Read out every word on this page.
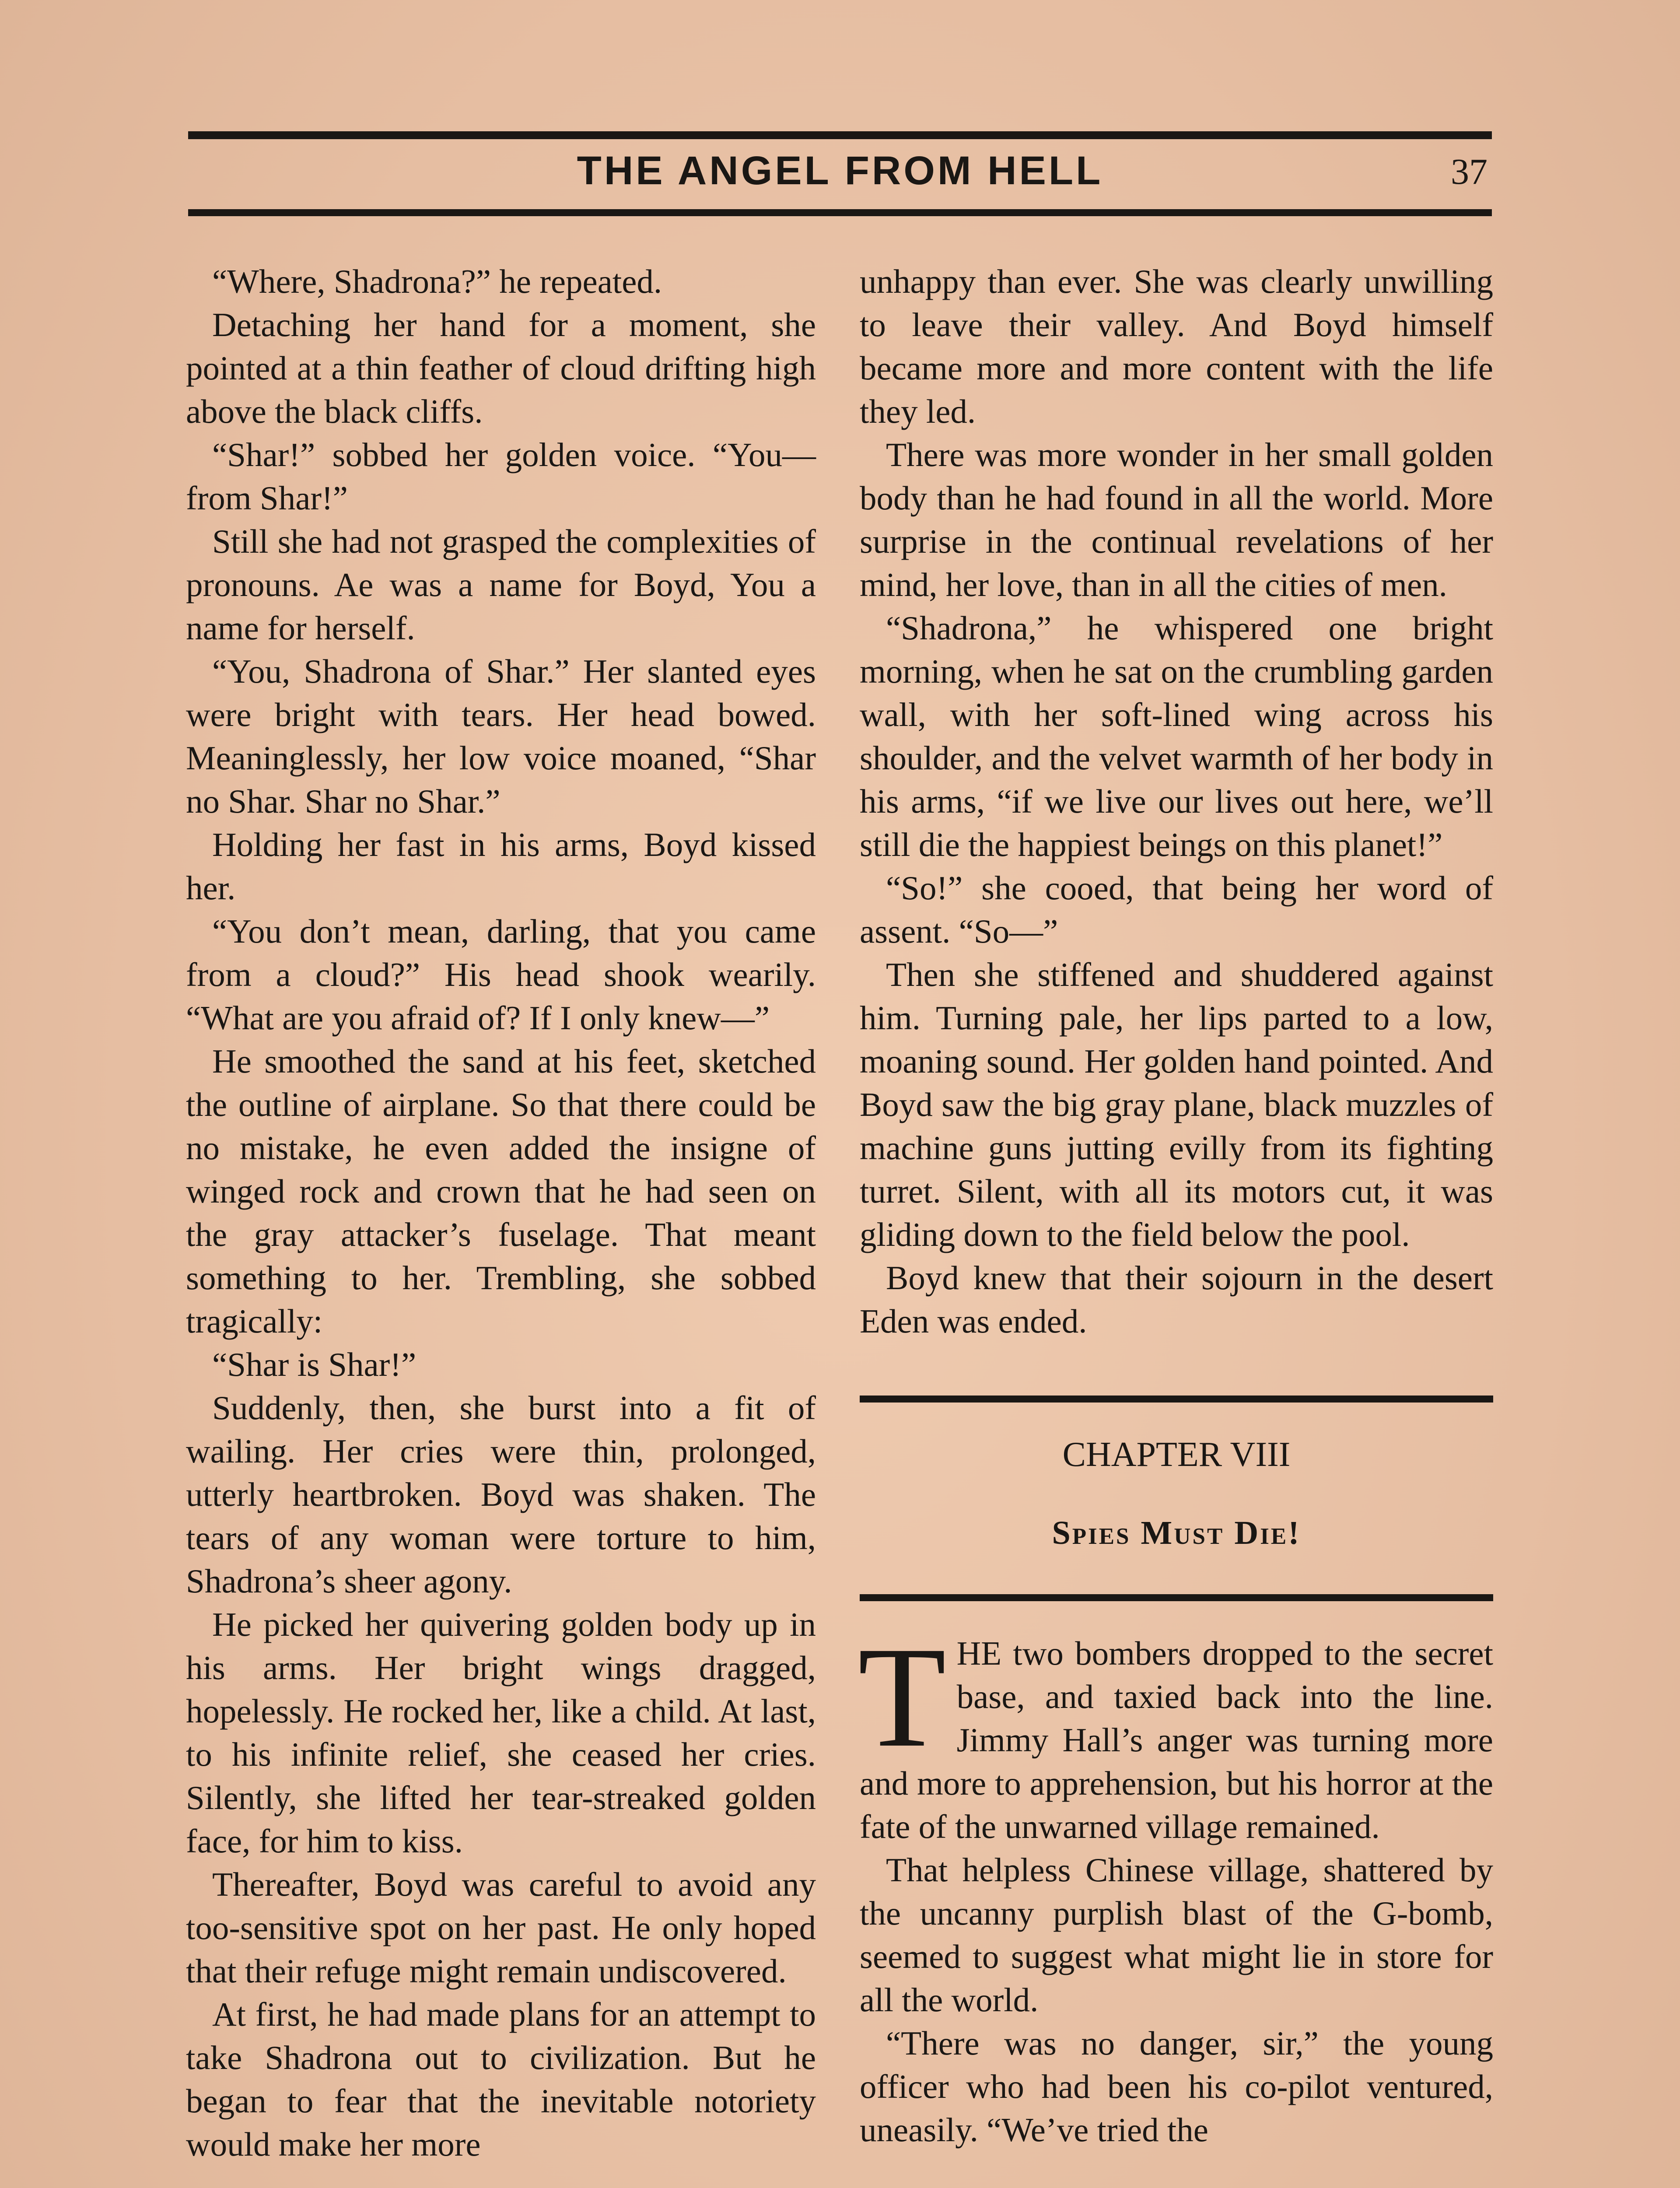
THE ANGEL FROM HELL	37

“Where, Shadrona?” he repeated.

Detaching her hand for a moment, she pointed at a thin feather of cloud drifting high above the black cliffs.

“Shar!” sobbed her golden voice. “You—from Shar!”

Still she had not grasped the complexities of pronouns. Ae was a name for Boyd, You a name for herself.

“You, Shadrona of Shar.” Her slanted eyes were bright with tears. Her head bowed. Meaninglessly, her low voice moaned, “Shar no Shar. Shar no Shar.”

Holding her fast in his arms, Boyd kissed her.

“You don’t mean, darling, that you came from a cloud?” His head shook wearily. “What are you afraid of? If I only knew—”

He smoothed the sand at his feet, sketched the outline of airplane. So that there could be no mistake, he even added the insigne of winged rock and crown that he had seen on the gray attacker’s fuselage. That meant something to her. Trembling, she sobbed tragically:

“Shar is Shar!”

Suddenly, then, she burst into a fit of wailing. Her cries were thin, prolonged, utterly heartbroken. Boyd was shaken. The tears of any woman were torture to him, Shadrona’s sheer agony.

He picked her quivering golden body up in his arms. Her bright wings dragged, hopelessly. He rocked her, like a child. At last, to his infinite relief, she ceased her cries. Silently, she lifted her tear-streaked golden face, for him to kiss.

Thereafter, Boyd was careful to avoid any too-sensitive spot on her past. He only hoped that their refuge might remain undiscovered.

At first, he had made plans for an attempt to take Shadrona out to civilization. But he began to fear that the inevitable notoriety would make her more

unhappy than ever. She was clearly unwilling to leave their valley. And Boyd himself became more and more content with the life they led.

There was more wonder in her small golden body than he had found in all the world. More surprise in the continual revelations of her mind, her love, than in all the cities of men.

“Shadrona,” he whispered one bright morning, when he sat on the crumbling garden wall, with her soft-lined wing across his shoulder, and the velvet warmth of her body in his arms, “if we live our lives out here, we’ll still die the happiest beings on this planet!”

“So!” she cooed, that being her word of assent. “So—”

Then she stiffened and shuddered against him. Turning pale, her lips parted to a low, moaning sound. Her golden hand pointed. And Boyd saw the big gray plane, black muzzles of machine guns jutting evilly from its fighting turret. Silent, with all its motors cut, it was gliding down to the field below the pool.

Boyd knew that their sojourn in the desert Eden was ended.

CHAPTER VIII

Spies Must Die!

THE two bombers dropped to the secret base, and taxied back into the line. Jimmy Hall’s anger was turning more and more to apprehension, but his horror at the fate of the unwarned village remained.

That helpless Chinese village, shattered by the uncanny purplish blast of the G-bomb, seemed to suggest what might lie in store for all the world.

“There was no danger, sir,” the young officer who had been his co-pilot ventured, uneasily. “We’ve tried the
